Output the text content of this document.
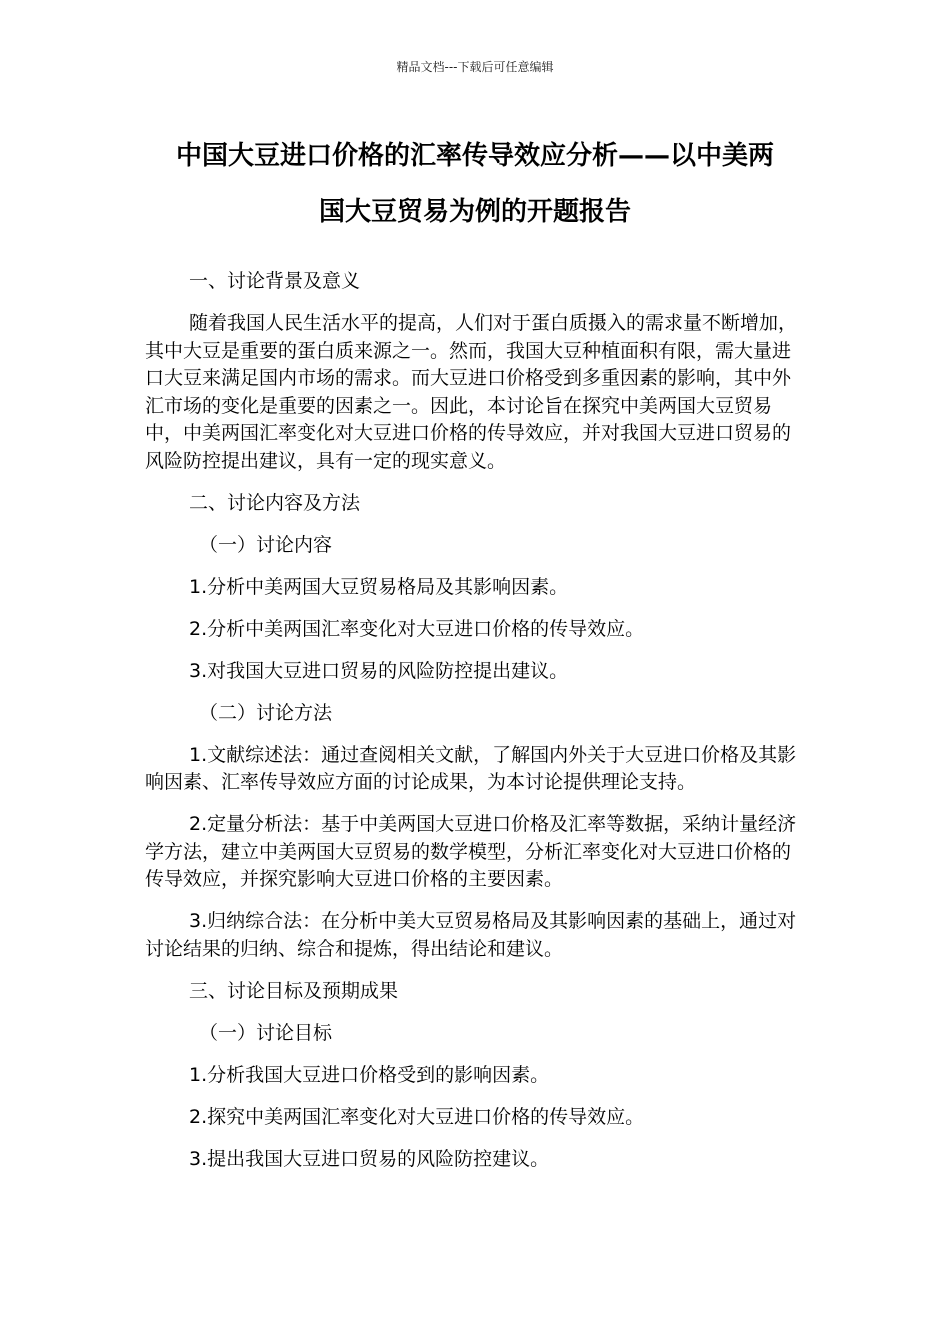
精品文档---下载后可任意编辑
中国大豆进口价格的汇率传导效应分析——以中美两
国大豆贸易为例的开题报告

一、讨论背景及意义

随着我国人民生活水平的提高，人们对于蛋白质摄入的需求量不断增加，其中大豆是重要的蛋白质来源之一。然而，我国大豆种植面积有限，需大量进口大豆来满足国内市场的需求。而大豆进口价格受到多重因素的影响，其中外汇市场的变化是重要的因素之一。因此，本讨论旨在探究中美两国大豆贸易中，中美两国汇率变化对大豆进口价格的传导效应，并对我国大豆进口贸易的风险防控提出建议，具有一定的现实意义。

二、讨论内容及方法

（一）讨论内容

1.分析中美两国大豆贸易格局及其影响因素。

2.分析中美两国汇率变化对大豆进口价格的传导效应。

3.对我国大豆进口贸易的风险防控提出建议。

（二）讨论方法

1.文献综述法：通过查阅相关文献，了解国内外关于大豆进口价格及其影响因素、汇率传导效应方面的讨论成果，为本讨论提供理论支持。

2.定量分析法：基于中美两国大豆进口价格及汇率等数据，采纳计量经济学方法，建立中美两国大豆贸易的数学模型，分析汇率变化对大豆进口价格的传导效应，并探究影响大豆进口价格的主要因素。

3.归纳综合法：在分析中美大豆贸易格局及其影响因素的基础上，通过对讨论结果的归纳、综合和提炼，得出结论和建议。

三、讨论目标及预期成果

（一）讨论目标

1.分析我国大豆进口价格受到的影响因素。

2.探究中美两国汇率变化对大豆进口价格的传导效应。

3.提出我国大豆进口贸易的风险防控建议。
